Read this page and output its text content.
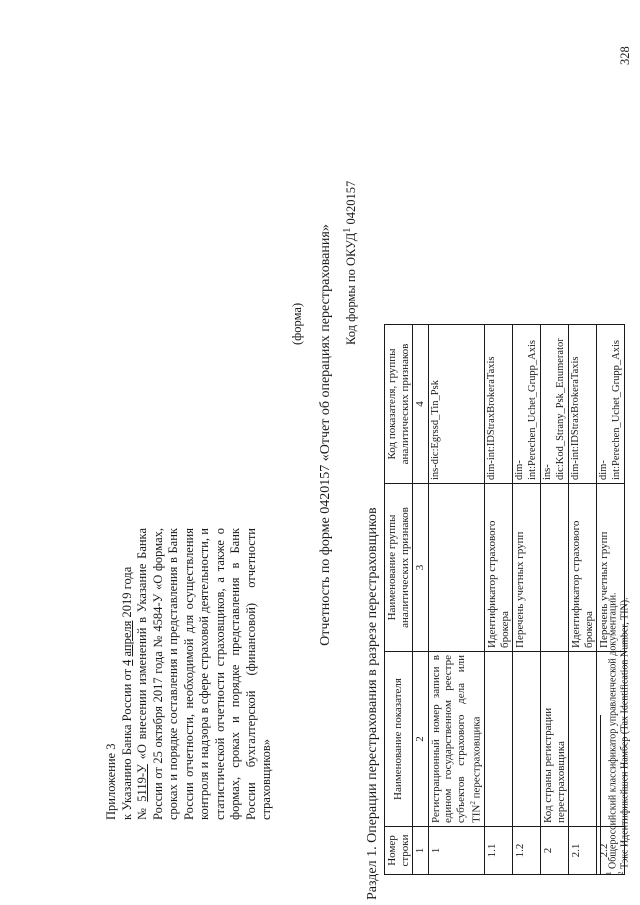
Приложение 3 к Указанию Банка России от 4 апреля 2019 года

№ 5119-У «О внесении изменений в Указание Банка России от 25 октября 2017 года № 4584-У «О формах, сроках и порядке составления и представления в Банк России отчетности, необходимой для осуществления контроля и надзора в сфере страховой деятельности, и статистической отчетности страховщиков, а также о формах, сроках и порядке представления в Банк России бухгалтерской (финансовой) отчетности страховщиков»

(форма) Отчетность по форме 0420157 «Отчет об операциях перестрахования» Код формы по ОКУД$^1$ 0420157
Раздел 1. Операции перестрахования в разрезе перестраховщиков Номер строки	Наименование показателя	Наименование группы аналитических признаков	Код показателя, группы аналитических признаков
1	2	3	4
1	Регистрационный номер записи в едином государственном реестре субъектов страхового дела или TIN$^2$ перестраховщика		ins-dic:Egrssd_Tin_Psk
1.1		Идентификатор страхового брокера	dim-int:IDStraxBrokeraTaxis
1.2		Перечень учетных групп	dim-int:Perechen_Uchet_Grupp_Axis
2	Код страны регистрации перестраховщика		ins-dic:Kod_Strany_Psk_Enumerator
2.1		Идентификатор страхового брокера	dim-int:IDStraxBrokeraTaxis
2.2		Перечень учетных групп	dim-int:Perechen_Uchet_Grupp_Axis
$^1$ Общероссийский классификатор управленческой документации.
$^2$ Тэкс Идентификейшен Намбер (Tax Identification Number, TIN).
328
